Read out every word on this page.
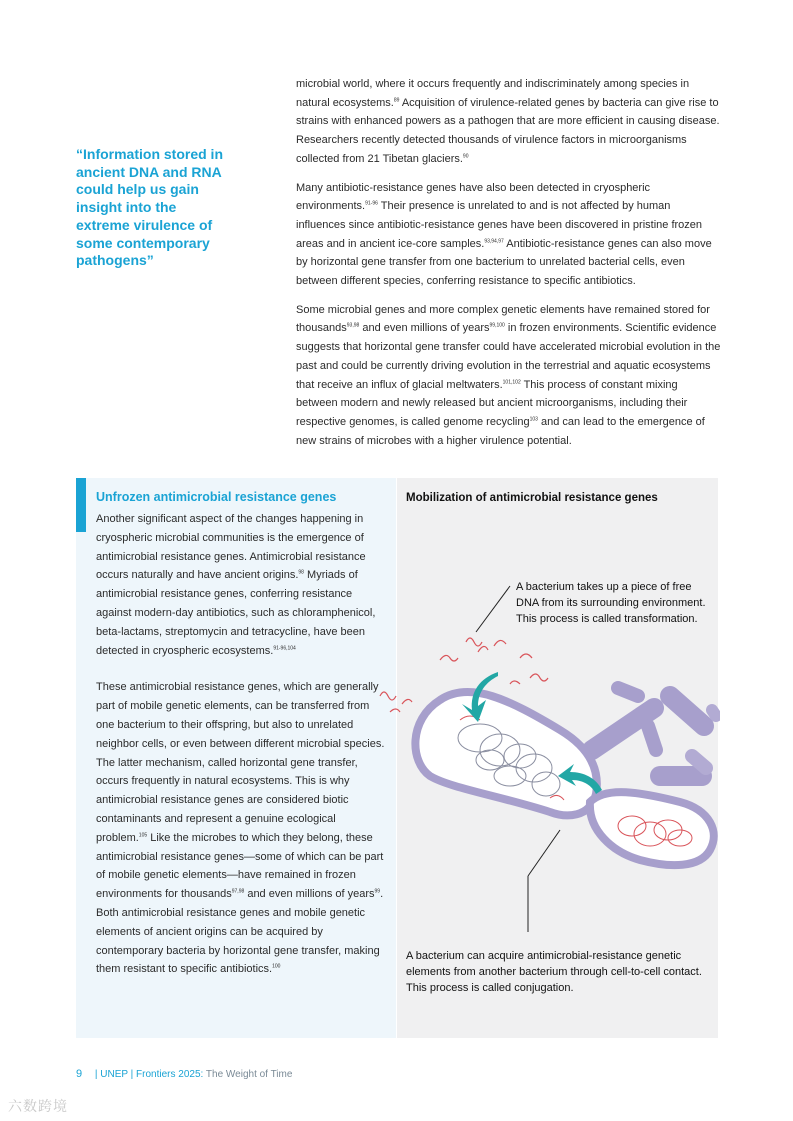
microbial world, where it occurs frequently and indiscriminately among species in natural ecosystems.$^{89}$ Acquisition of virulence-related genes by bacteria can give rise to strains with enhanced powers as a pathogen that are more efficient in causing disease. Researchers recently detected thousands of virulence factors in microorganisms collected from 21 Tibetan glaciers.$^{90}$

Many antibiotic-resistance genes have also been detected in cryospheric environments.$^{91-96}$ Their presence is unrelated to and is not affected by human influences since antibiotic-resistance genes have been discovered in pristine frozen areas and in ancient ice-core samples.$^{93,94,97}$ Antibiotic-resistance genes can also move by horizontal gene transfer from one bacterium to unrelated bacterial cells, even between different species, conferring resistance to specific antibiotics.

Some microbial genes and more complex genetic elements have remained stored for thousands$^{93,98}$ and even millions of years$^{99,100}$ in frozen environments. Scientific evidence suggests that horizontal gene transfer could have accelerated microbial evolution in the past and could be currently driving evolution in the terrestrial and aquatic ecosystems that receive an influx of glacial meltwaters.$^{101,102}$ This process of constant mixing between modern and newly released but ancient microorganisms, including their respective genomes, is called genome recycling$^{103}$ and can lead to the emergence of new strains of microbes with a higher virulence potential.

“Information stored in ancient DNA and RNA could help us gain insight into the extreme virulence of some contemporary pathogens”
Unfrozen antimicrobial resistance genes

Another significant aspect of the changes happening in cryospheric microbial communities is the emergence of antimicrobial resistance genes. Antimicrobial resistance occurs naturally and have ancient origins.$^{98}$ Myriads of antimicrobial resistance genes, conferring resistance against modern-day antibiotics, such as chloramphenicol, beta-lactams, streptomycin and tetracycline, have been detected in cryospheric ecosystems.$^{91-96,104}$

These antimicrobial resistance genes, which are generally part of mobile genetic elements, can be transferred from one bacterium to their offspring, but also to unrelated neighbor cells, or even between different microbial species. The latter mechanism, called horizontal gene transfer, occurs frequently in natural ecosystems. This is why antimicrobial resistance genes are considered biotic contaminants and represent a genuine ecological problem.$^{105}$ Like the microbes to which they belong, these antimicrobial resistance genes—some of which can be part of mobile genetic elements—have remained in frozen environments for thousands$^{97,98}$ and even millions of years$^{99}$. Both antimicrobial resistance genes and mobile genetic elements of ancient origins can be acquired by contemporary bacteria by horizontal gene transfer, making them resistant to specific antibiotics.$^{100}$

Mobilization of antimicrobial resistance genes
A bacterium takes up a piece of free DNA from its surrounding environment. This process is called transformation.
A bacterium can acquire antimicrobial-resistance genetic elements from another bacterium through cell-to-cell contact. This process is called conjugation.
9 | UNEP | Frontiers 2025: The Weight of Time
六数跨境
